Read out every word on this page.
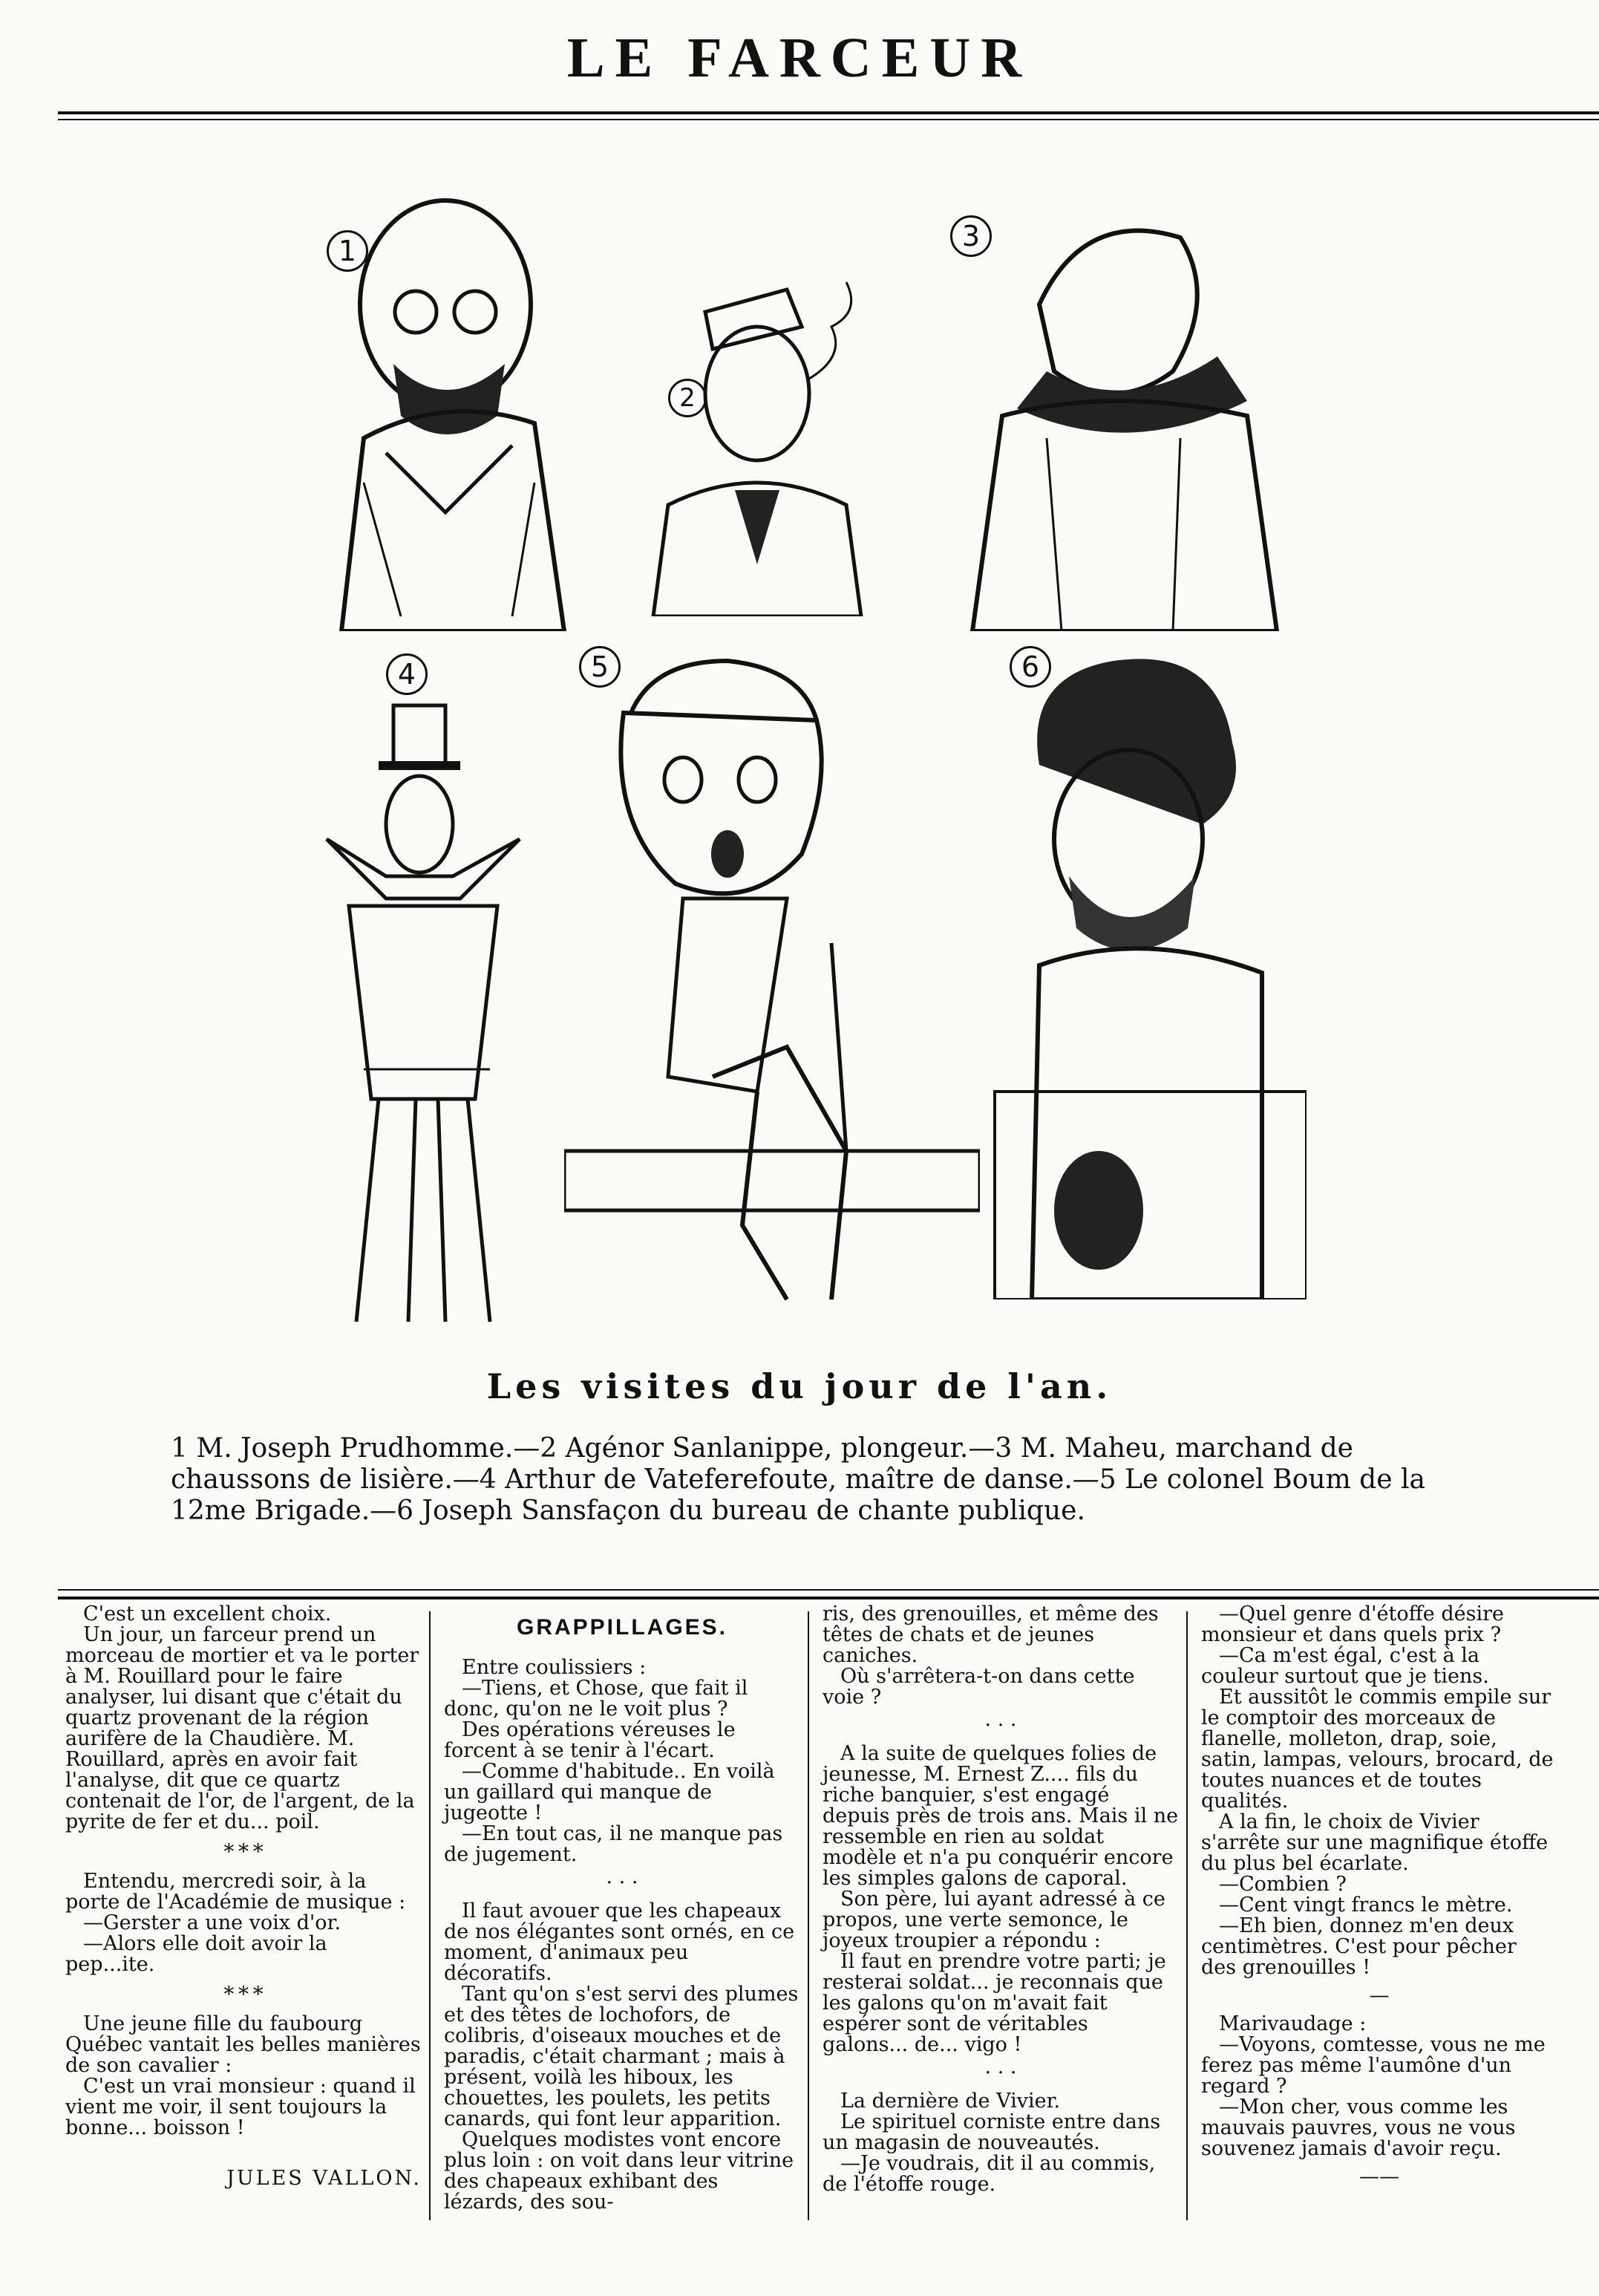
LE FARCEUR
1
2
3
4	5	6
Les visites du jour de l'an.
1 M. Joseph Prudhomme.—2 Agénor Sanlanippe, plongeur.—3 M. Maheu, marchand de chaussons de lisière.—4 Arthur de Vateferefoute, maître de danse.—5 Le colonel Boum de la 12me Brigade.—6 Joseph Sansfaçon du bureau de chante publique.

C'est un excellent choix.

Un jour, un farceur prend un morceau de mortier et va le porter à M. Rouillard pour le faire analyser, lui disant que c'était du quartz provenant de la région aurifère de la Chaudière. M. Rouillard, après en avoir fait l'analyse, dit que ce quartz contenait de l'or, de l'argent, de la pyrite de fer et du... poil.

* * *

Entendu, mercredi soir, à la porte de l'Académie de musique :

—Gerster a une voix d'or.

—Alors elle doit avoir la pep...ite.

* * *

Une jeune fille du faubourg Québec vantait les belles manières de son cavalier :

C'est un vrai monsieur : quand il vient me voir, il sent toujours la bonne... boisson !

JULES VALLON.

GRAPPILLAGES.

Entre coulissiers :

—Tiens, et Chose, que fait il donc, qu'on ne le voit plus ?

Des opérations véreuses le forcent à se tenir à l'écart.

—Comme d'habitude.. En voilà un gaillard qui manque de jugeotte !

—En tout cas, il ne manque pas de jugement.

· · ·

Il faut avouer que les chapeaux de nos élégantes sont ornés, en ce moment, d'animaux peu décoratifs.

Tant qu'on s'est servi des plumes et des têtes de lochofors, de colibris, d'oiseaux mouches et de paradis, c'était charmant ; mais à présent, voilà les hiboux, les chouettes, les poulets, les petits canards, qui font leur apparition.

Quelques modistes vont encore plus loin : on voit dans leur vitrine des chapeaux exhibant des lézards, des sou-

ris, des grenouilles, et même des têtes de chats et de jeunes caniches.

Où s'arrêtera-t-on dans cette voie ?

· · ·

A la suite de quelques folies de jeunesse, M. Ernest Z.... fils du riche banquier, s'est engagé depuis près de trois ans. Mais il ne ressemble en rien au soldat modèle et n'a pu conquérir encore les simples galons de caporal.

Son père, lui ayant adressé à ce propos, une verte semonce, le joyeux troupier a répondu :

Il faut en prendre votre parti; je resterai soldat... je reconnais que les galons qu'on m'avait fait espérer sont de véritables galons... de... vigo !

· · ·

La dernière de Vivier.

Le spirituel corniste entre dans un magasin de nouveautés.

—Je voudrais, dit il au commis, de l'étoffe rouge.

—Quel genre d'étoffe désire monsieur et dans quels prix ?

—Ca m'est égal, c'est à la couleur surtout que je tiens.

Et aussitôt le commis empile sur le comptoir des morceaux de flanelle, molleton, drap, soie, satin, lampas, velours, brocard, de toutes nuances et de toutes qualités.

A la fin, le choix de Vivier s'arrête sur une magnifique étoffe du plus bel écarlate.

—Combien ?

—Cent vingt francs le mètre.

—Eh bien, donnez m'en deux centimètres. C'est pour pêcher des grenouilles !

—

Marivaudage :

—Voyons, comtesse, vous ne me ferez pas même l'aumône d'un regard ?

—Mon cher, vous comme les mauvais pauvres, vous ne vous souvenez jamais d'avoir reçu.

——
